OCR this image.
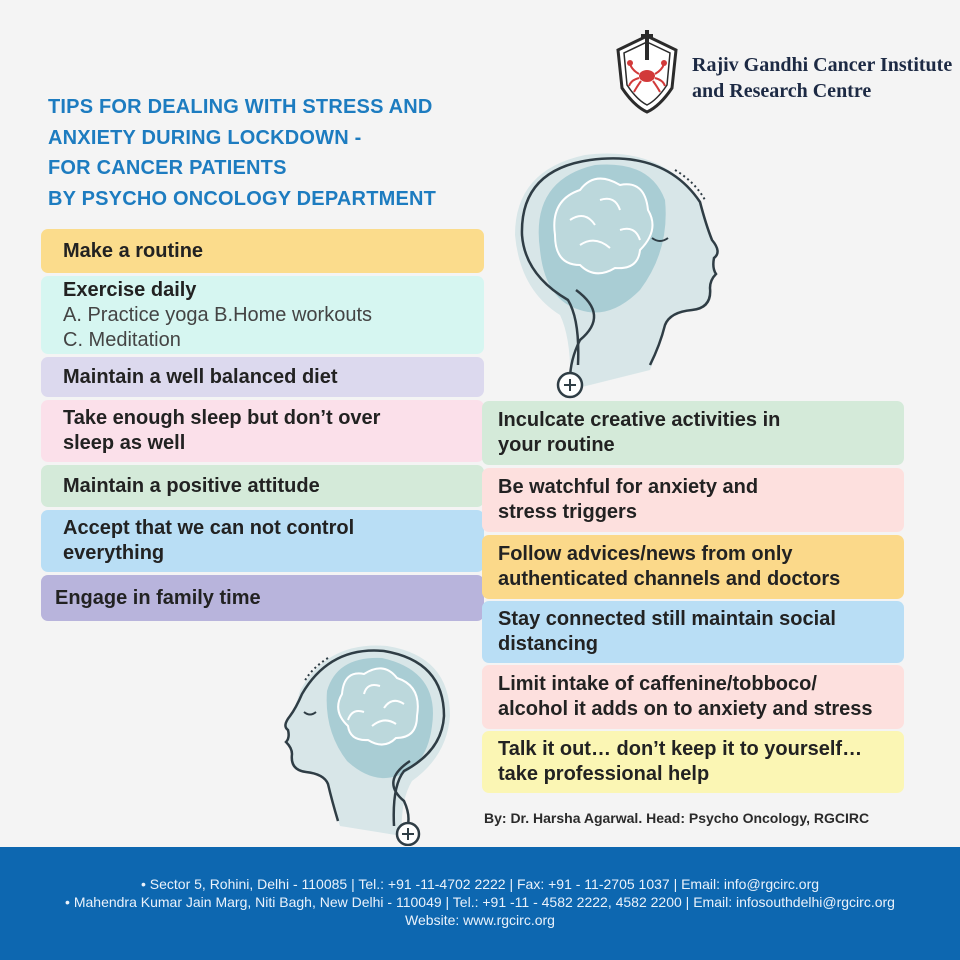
Rajiv Gandhi Cancer Institute
and Research Centre
TIPS FOR DEALING WITH STRESS AND
ANXIETY DURING LOCKDOWN -
FOR CANCER PATIENTS
BY PSYCHO ONCOLOGY DEPARTMENT
Make a routine
Exercise daily
A. Practice yoga B.Home workouts
C. Meditation
Maintain a well balanced diet
Take enough sleep but don’t over
sleep as well
Maintain a positive attitude
Accept that we can not control
everything
Engage in family time
Inculcate creative activities in
your routine
Be watchful for anxiety and
stress triggers
Follow advices/news from only
authenticated channels and doctors
Stay connected still maintain social
distancing
Limit intake of caffenine/tobboco/
alcohol it adds on to anxiety and stress
Talk it out… don’t keep it to yourself…
take professional help
By: Dr. Harsha Agarwal. Head: Psycho Oncology, RGCIRC
• Sector 5, Rohini, Delhi - 110085 | Tel.: +91 -11-4702 2222 | Fax: +91 - 11-2705 1037 | Email: info@rgcirc.org
• Mahendra Kumar Jain Marg, Niti Bagh, New Delhi - 110049 | Tel.: +91 -11 - 4582 2222, 4582 2200 | Email: infosouthdelhi@rgcirc.org
Website: www.rgcirc.org
